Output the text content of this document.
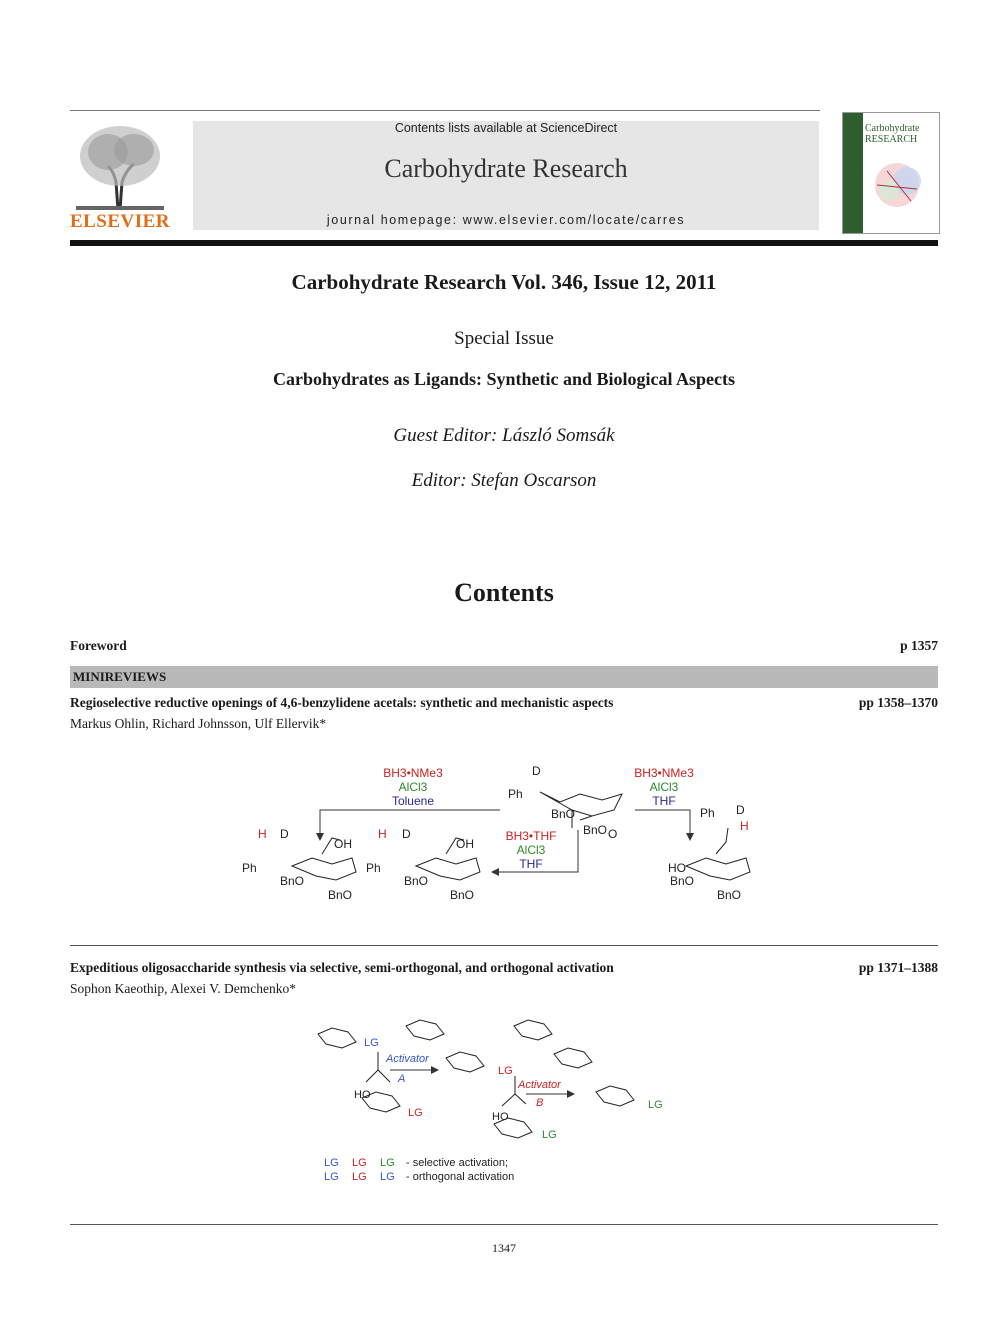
ELSEVIER
Contents lists available at ScienceDirect
Carbohydrate Research
journal homepage: www.elsevier.com/locate/carres
Carbohydrate
RESEARCH
Carbohydrate Research Vol. 346, Issue 12, 2011
Special Issue
Carbohydrates as Ligands: Synthetic and Biological Aspects
Guest Editor: László Somsák
Editor: Stefan Oscarson
Contents
Foreword	p 1357
MINIREVIEWS
Regioselective reductive openings of 4,6-benzylidene acetals: synthetic and mechanistic aspects	pp 1358–1370
Markus Ohlin, Richard Johnsson, Ulf Ellervik*
BH3•NMe3
AlCl3
Toluene
BH3•NMe3
AlCl3
THF
BH3•THF
AlCl3
THF
D
Ph
BnO
BnO O
H D
Ph
OH
BnO
BnO
H D
Ph
OH
BnO
BnO
Ph D
H
HO
BnO
BnO
Expeditious oligosaccharide synthesis via selective, semi-orthogonal, and orthogonal activation	pp 1371–1388
Sophon Kaeothip, Alexei V. Demchenko*
LG
Activator
A
HO
LG
LG
Activator
B
HO
LG
LG
LG LG LG - selective activation;
LG LG LG - orthogonal activation
1347
